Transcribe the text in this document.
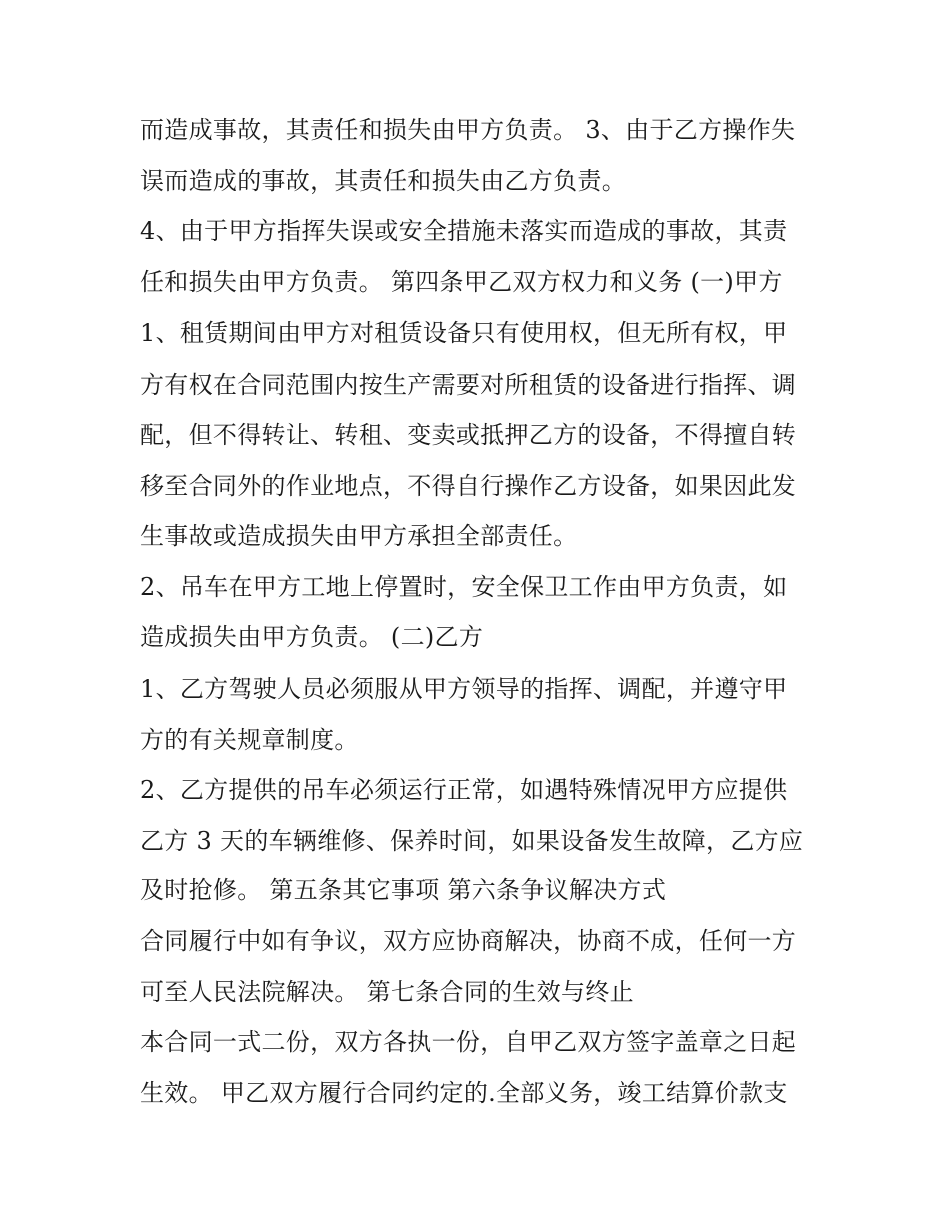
而造成事故，其责任和损失由甲方负责。 3、由于乙方操作失
误而造成的事故，其责任和损失由乙方负责。
4、由于甲方指挥失误或安全措施未落实而造成的事故，其责
任和损失由甲方负责。 第四条甲乙双方权力和义务 (一)甲方
1、租赁期间由甲方对租赁设备只有使用权，但无所有权，甲
方有权在合同范围内按生产需要对所租赁的设备进行指挥、调
配，但不得转让、转租、变卖或抵押乙方的设备，不得擅自转
移至合同外的作业地点，不得自行操作乙方设备，如果因此发
生事故或造成损失由甲方承担全部责任。
2、吊车在甲方工地上停置时，安全保卫工作由甲方负责，如
造成损失由甲方负责。 (二)乙方
1、乙方驾驶人员必须服从甲方领导的指挥、调配，并遵守甲
方的有关规章制度。
2、乙方提供的吊车必须运行正常，如遇特殊情况甲方应提供
乙方 3 天的车辆维修、保养时间，如果设备发生故障，乙方应
及时抢修。 第五条其它事项 第六条争议解决方式
合同履行中如有争议，双方应协商解决，协商不成，任何一方
可至人民法院解决。 第七条合同的生效与终止
本合同一式二份，双方各执一份，自甲乙双方签字盖章之日起
生效。 甲乙双方履行合同约定的.全部义务，竣工结算价款支
